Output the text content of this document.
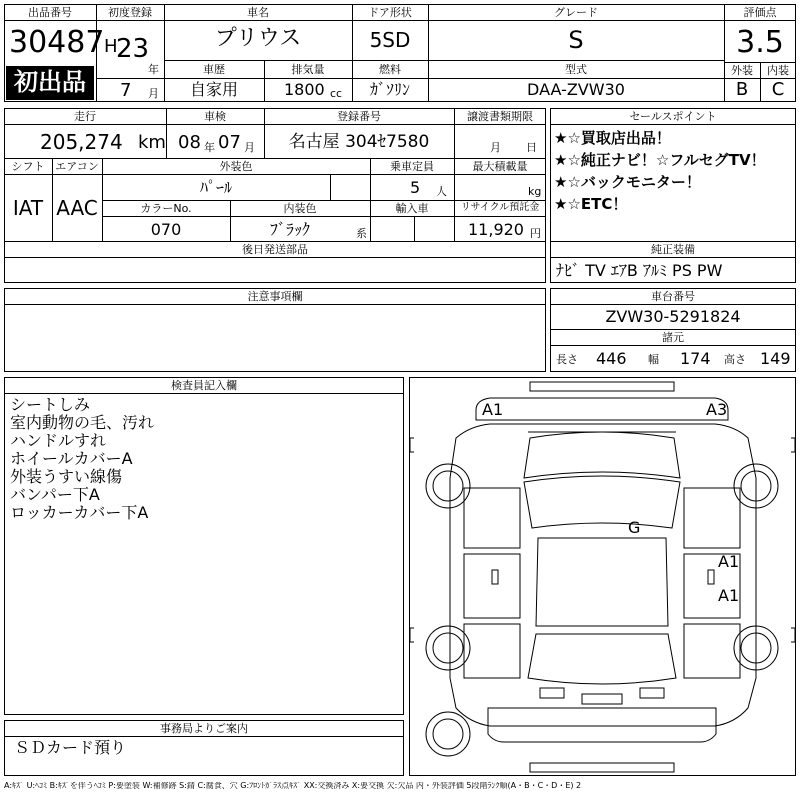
出品番号
30487
初出品
初度登録
H
23
年
7 月
車名
プリウス
車歴
自家用
排気量
1800 cc
ドア形状
5SD
燃料
ｶﾞｿﾘﾝ
グレード
S
型式
DAA-ZVW30
評価点
3.5
外装	内装
B	C
走行
205,274 km
車検
08 年 07 月
登録番号
名古屋 304ｾ7580
譲渡書類期限
月 日
シフト エアコン
IAT AAC
外装色
ﾊﾟｰﾙ
乗車定員
5 人
最大積載量
kg
カラーNo.
070
内装色
ﾌﾞﾗｯｸ	系
輸入車	リサイクル預託金
11,920 円
セールスポイント
★☆買取店出品！
★☆純正ナビ！☆フルセグTV！
★☆バックモニター！
★☆ETC！
後日発送部品	純正装備
ﾅﾋﾞ TV ｴｱB ｱﾙﾐ PS PW
注意事項欄	車台番号
ZVW30-5291824
諸元
長さ 446 幅 174 高さ 149
検査員記入欄
シートしみ
室内動物の毛、汚れ
ハンドルすれ
ホイールカバーA
外装うすい線傷
バンパー下A
ロッカーカバー下A
事務局よりご案内
ＳＤカード預り
A1	A3
G
A1
A1
A:ｷｽﾞ U:ﾍｺﾐ B:ｷｽﾞを伴うﾍｺﾐ P:要塗装 W:補修跡 S:錆 C:腐食、穴 G:ﾌﾛﾝﾄｶﾞﾗｽ点ｷｽﾞ XX:交換済み X:要交換 欠:欠品 内・外装評価 5段階ﾗﾝｸ順(A・B・C・D・E) 2
